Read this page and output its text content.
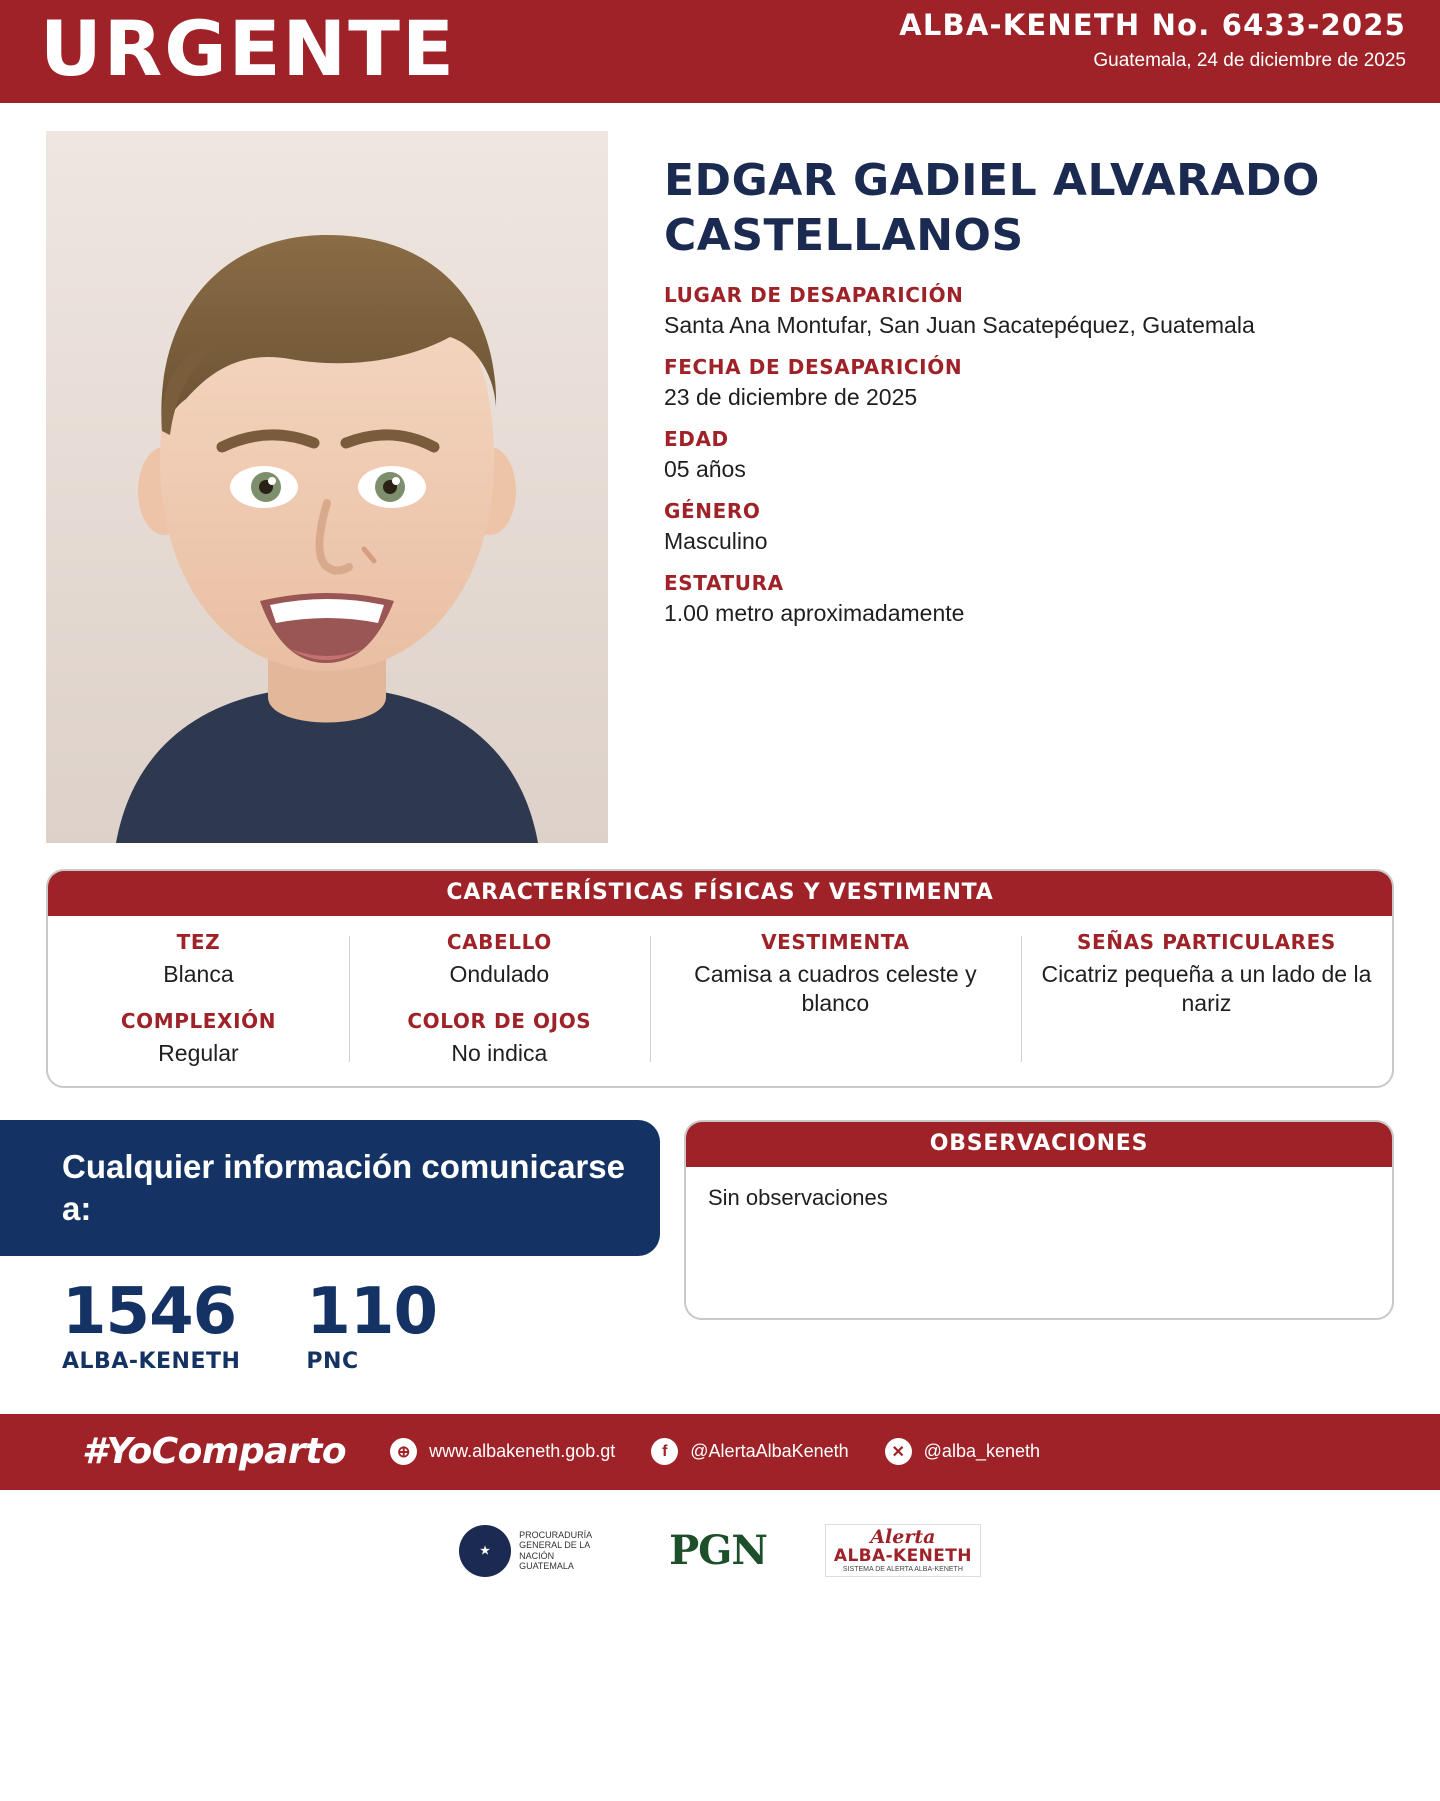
URGENTE	ALBA-KENETH No. 6433-2025
Guatemala, 24 de diciembre de 2025
EDGAR GADIEL ALVARADO CASTELLANOS
LUGAR DE DESAPARICIÓN
Santa Ana Montufar, San Juan Sacatepéquez, Guatemala
FECHA DE DESAPARICIÓN
23 de diciembre de 2025
EDAD
05 años
GÉNERO
Masculino
ESTATURA
1.00 metro aproximadamente
CARACTERÍSTICAS FÍSICAS Y VESTIMENTA
TEZ
Blanca
COMPLEXIÓN
Regular
CABELLO
Ondulado
COLOR DE OJOS
No indica
VESTIMENTA
Camisa a cuadros celeste y blanco
SEÑAS PARTICULARES
Cicatriz pequeña a un lado de la nariz
Cualquier información comunicarse a:
1546
ALBA-KENETH
110
PNC
OBSERVACIONES
Sin observaciones
#YoComparto	⊕	www.albakeneth.gob.gt	f	@AlertaAlbaKeneth	✕	@alba_keneth
★
PROCURADURÍA GENERAL DE LA NACIÓN GUATEMALA	PGN	Alerta
ALBA-KENETH
SISTEMA DE ALERTA ALBA-KENETH
